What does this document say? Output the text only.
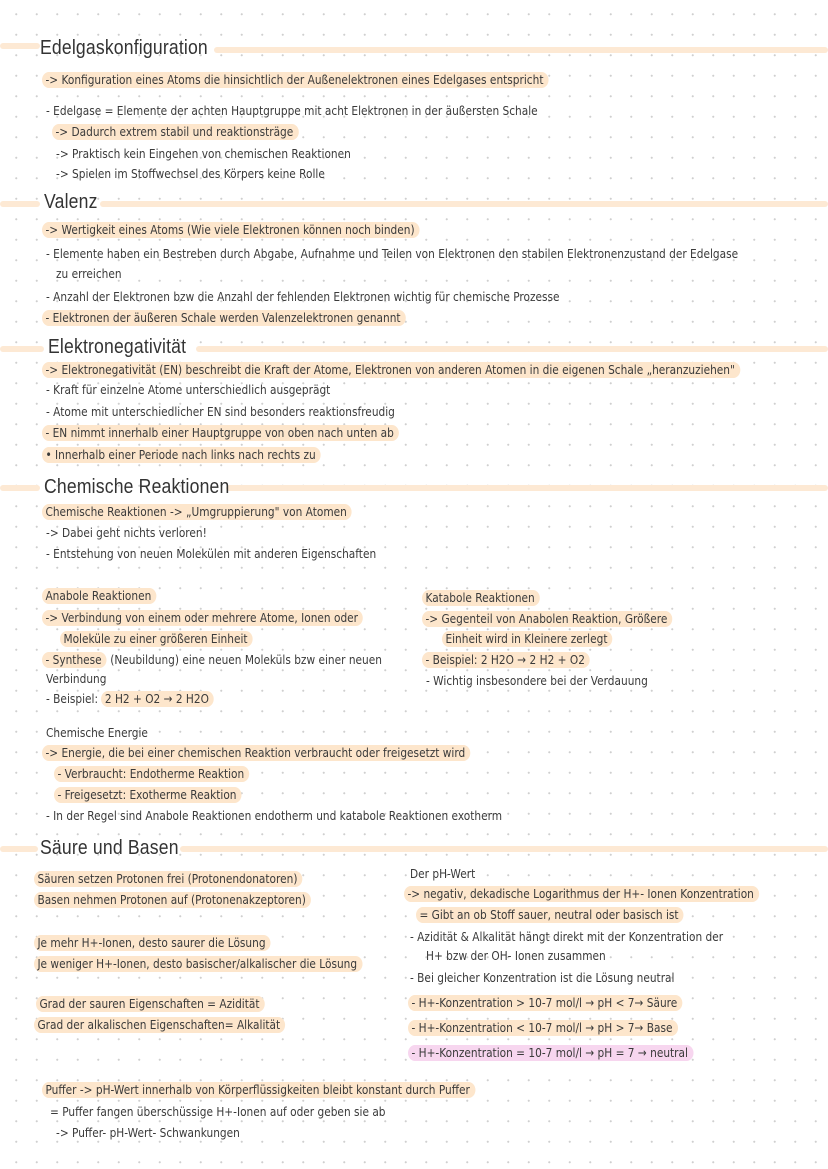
Edelgaskonfiguration
-> Konfiguration eines Atoms die hinsichtlich der Außenelektronen eines Edelgases entspricht
- Edelgase = Elemente der achten Hauptgruppe mit acht Elektronen in der äußersten Schale
-> Dadurch extrem stabil und reaktionsträge
-> Praktisch kein Eingehen von chemischen Reaktionen
-> Spielen im Stoffwechsel des Körpers keine Rolle
Valenz
-> Wertigkeit eines Atoms (Wie viele Elektronen können noch binden)
- Elemente haben ein Bestreben durch Abgabe, Aufnahme und Teilen von Elektronen den stabilen Elektronenzustand der Edelgase
zu erreichen
- Anzahl der Elektronen bzw die Anzahl der fehlenden Elektronen wichtig für chemische Prozesse
- Elektronen der äußeren Schale werden Valenzelektronen genannt
Elektronegativität
-> Elektronegativität (EN) beschreibt die Kraft der Atome, Elektronen von anderen Atomen in die eigenen Schale „heranzuziehen"
- Kraft für einzelne Atome unterschiedlich ausgeprägt
- Atome mit unterschiedlicher EN sind besonders reaktionsfreudig
- EN nimmt innerhalb einer Hauptgruppe von oben nach unten ab
• Innerhalb einer Periode nach links nach rechts zu
Chemische Reaktionen
Chemische Reaktionen -> „Umgruppierung" von Atomen
-> Dabei geht nichts verloren!
- Entstehung von neuen Molekülen mit anderen Eigenschaften
Anabole Reaktionen
-> Verbindung von einem oder mehrere Atome, Ionen oder
Moleküle zu einer größeren Einheit
- Synthese (Neubildung) eine neuen Moleküls bzw einer neuen
Verbindung
- Beispiel: 2 H2 + O2 → 2 H2O
Katabole Reaktionen
-> Gegenteil von Anabolen Reaktion, Größere
Einheit wird in Kleinere zerlegt
- Beispiel: 2 H2O → 2 H2 + O2
- Wichtig insbesondere bei der Verdauung
Chemische Energie
-> Energie, die bei einer chemischen Reaktion verbraucht oder freigesetzt wird
- Verbraucht: Endotherme Reaktion
- Freigesetzt: Exotherme Reaktion
- In der Regel sind Anabole Reaktionen endotherm und katabole Reaktionen exotherm
Säure und Basen
Säuren setzen Protonen frei (Protonendonatoren)
Basen nehmen Protonen auf (Protonenakzeptoren)
Je mehr H+-Ionen, desto saurer die Lösung
Je weniger H+-Ionen, desto basischer/alkalischer die Lösung
Grad der sauren Eigenschaften = Azidität
Grad der alkalischen Eigenschaften= Alkalität
Der pH-Wert
-> negativ, dekadische Logarithmus der H+- Ionen Konzentration
= Gibt an ob Stoff sauer, neutral oder basisch ist
- Azidität & Alkalität hängt direkt mit der Konzentration der
H+ bzw der OH- Ionen zusammen
- Bei gleicher Konzentration ist die Lösung neutral
- H+-Konzentration > 10-7 mol/l → pH < 7→ Säure
- H+-Konzentration < 10-7 mol/l → pH > 7→ Base
- H+-Konzentration = 10-7 mol/l → pH = 7 → neutral
Puffer -> pH-Wert innerhalb von Körperflüssigkeiten bleibt konstant durch Puffer
= Puffer fangen überschüssige H+-Ionen auf oder geben sie ab
-> Puffer- pH-Wert- Schwankungen
